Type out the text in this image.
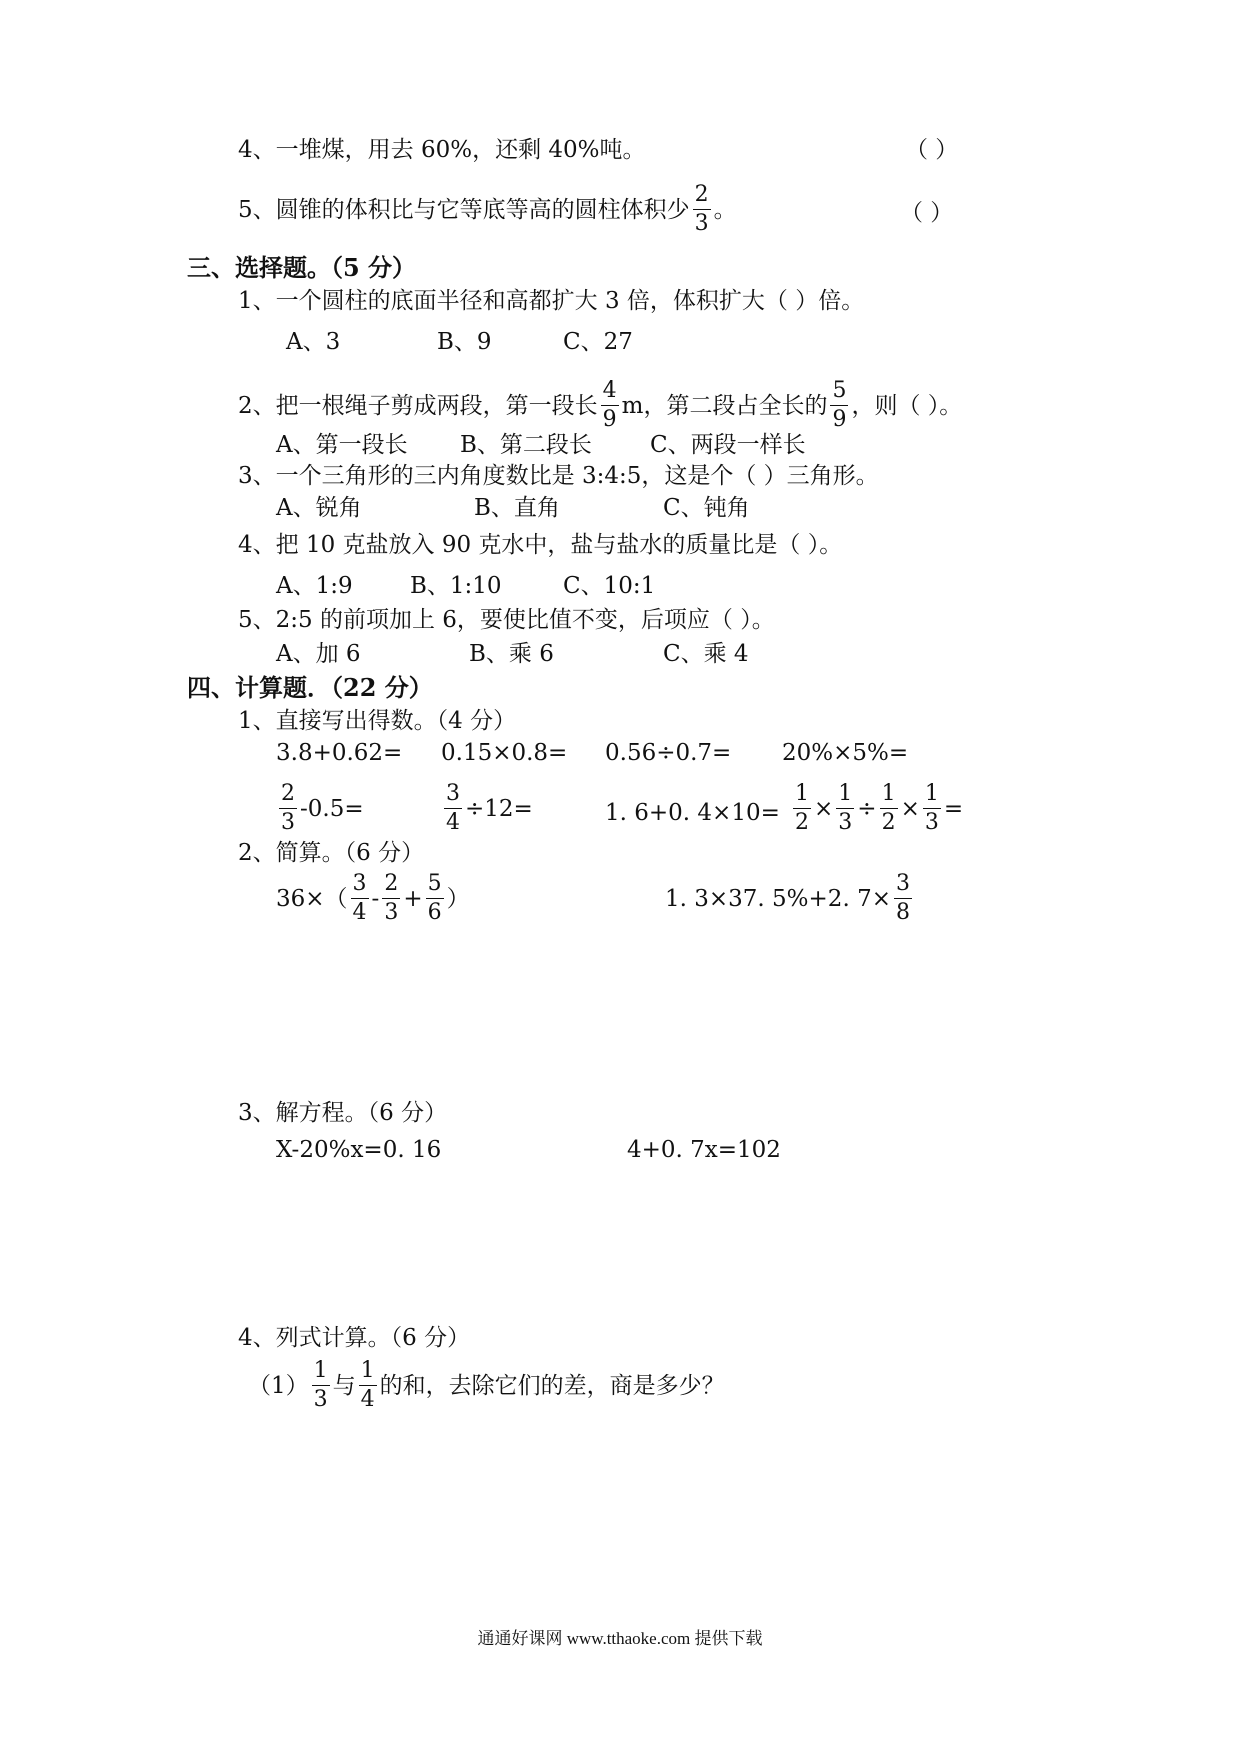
4、一堆煤，用去 60%，还剩 40%吨。	（ ）
5、圆锥的体积比与它等底等高的圆柱体积少 $\frac{2}{3}$ 。	（ ）
三、选择题。（5 分）
1、一个圆柱的底面半径和高都扩大 3 倍，体积扩大（ ）倍。
A、3	B、9	C、27
2、把一根绳子剪成两段，第一段长 $\frac{4}{9}$ m，第二段占全长的 $\frac{5}{9}$ ，则（ ）。
A、第一段长 B、第二段长	C、两段一样长
3、一个三角形的三内角度数比是 3:4:5，这是个（ ）三角形。
A、锐角	B、直角	C、钝角
4、把 10 克盐放入 90 克水中，盐与盐水的质量比是（ ）。
A、1:9 B、1:10	C、10:1
5、2:5 的前项加上 6，要使比值不变，后项应（ ）。
A、加 6	B、乘 6	C、乘 4
四、计算题．（22 分）
1、直接写出得数。（4 分）
3.8+0.62= 0.15×0.8= 0.56÷0.7= 20%×5%=
$\frac{2}{3} -0.5=$	$\frac{3}{4} \div 12=$	1. 6+0. $4\times 10= \frac{1}{2} \times \frac{1}{3} \div \frac{1}{2} \times \frac{1}{3}$ =
2、简算。（6 分）
$36\times( \frac{3}{4} - \frac{2}{3} + \frac{5}{6}$ ）	1. 3×37. 5%+2. $7\times \frac{3}{8}$
3、解方程。（6 分）
X-20%x=0. 16	4+0. 7x=102
4、列式计算。（6 分）
$(1) \frac{1}{3}$ 与 $\frac{1}{4}$ 的和，去除它们的差，商是多少？
通通好课网 www.tthaoke.com 提供下载
